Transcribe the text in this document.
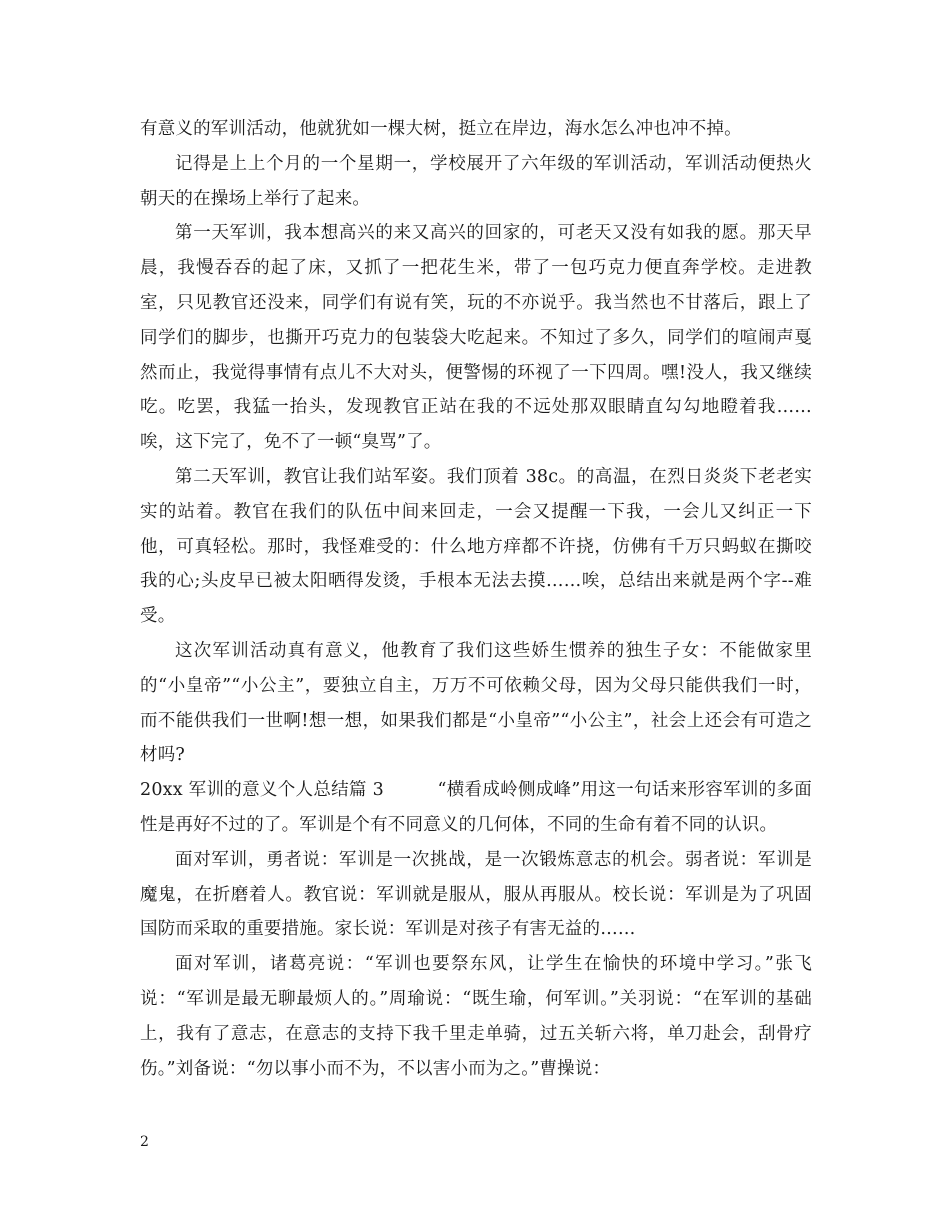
有意义的军训活动，他就犹如一棵大树，挺立在岸边，海水怎么冲也冲不掉。

记得是上上个月的一个星期一，学校展开了六年级的军训活动，军训活动便热火朝天的在操场上举行了起来。

第一天军训，我本想高兴的来又高兴的回家的，可老天又没有如我的愿。那天早晨，我慢吞吞的起了床，又抓了一把花生米，带了一包巧克力便直奔学校。走进教室，只见教官还没来，同学们有说有笑，玩的不亦说乎。我当然也不甘落后，跟上了同学们的脚步，也撕开巧克力的包装袋大吃起来。不知过了多久，同学们的喧闹声戛然而止，我觉得事情有点儿不大对头，便警惕的环视了一下四周。嘿!没人，我又继续吃。吃罢，我猛一抬头，发现教官正站在我的不远处那双眼睛直勾勾地瞪着我……唉，这下完了，免不了一顿“臭骂”了。

第二天军训，教官让我们站军姿。我们顶着 38c。的高温，在烈日炎炎下老老实实的站着。教官在我们的队伍中间来回走，一会又提醒一下我，一会儿又纠正一下他，可真轻松。那时，我怪难受的：什么地方痒都不许挠，仿佛有千万只蚂蚁在撕咬我的心;头皮早已被太阳晒得发烫，手根本无法去摸……唉，总结出来就是两个字--难受。

这次军训活动真有意义，他教育了我们这些娇生惯养的独生子女：不能做家里的“小皇帝”“小公主”，要独立自主，万万不可依赖父母，因为父母只能供我们一时，而不能供我们一世啊!想一想，如果我们都是“小皇帝”“小公主”，社会上还会有可造之材吗?

20xx 军训的意义个人总结篇 3　　　“横看成岭侧成峰”用这一句话来形容军训的多面性是再好不过的了。军训是个有不同意义的几何体，不同的生命有着不同的认识。

面对军训，勇者说：军训是一次挑战，是一次锻炼意志的机会。弱者说：军训是魔鬼，在折磨着人。教官说：军训就是服从，服从再服从。校长说：军训是为了巩固国防而采取的重要措施。家长说：军训是对孩子有害无益的……

面对军训，诸葛亮说：“军训也要祭东风，让学生在愉快的环境中学习。”张飞说：“军训是最无聊最烦人的。”周瑜说：“既生瑜，何军训。”关羽说：“在军训的基础上，我有了意志，在意志的支持下我千里走单骑，过五关斩六将，单刀赴会，刮骨疗伤。”刘备说：“勿以事小而不为，不以害小而为之。”曹操说：

2
